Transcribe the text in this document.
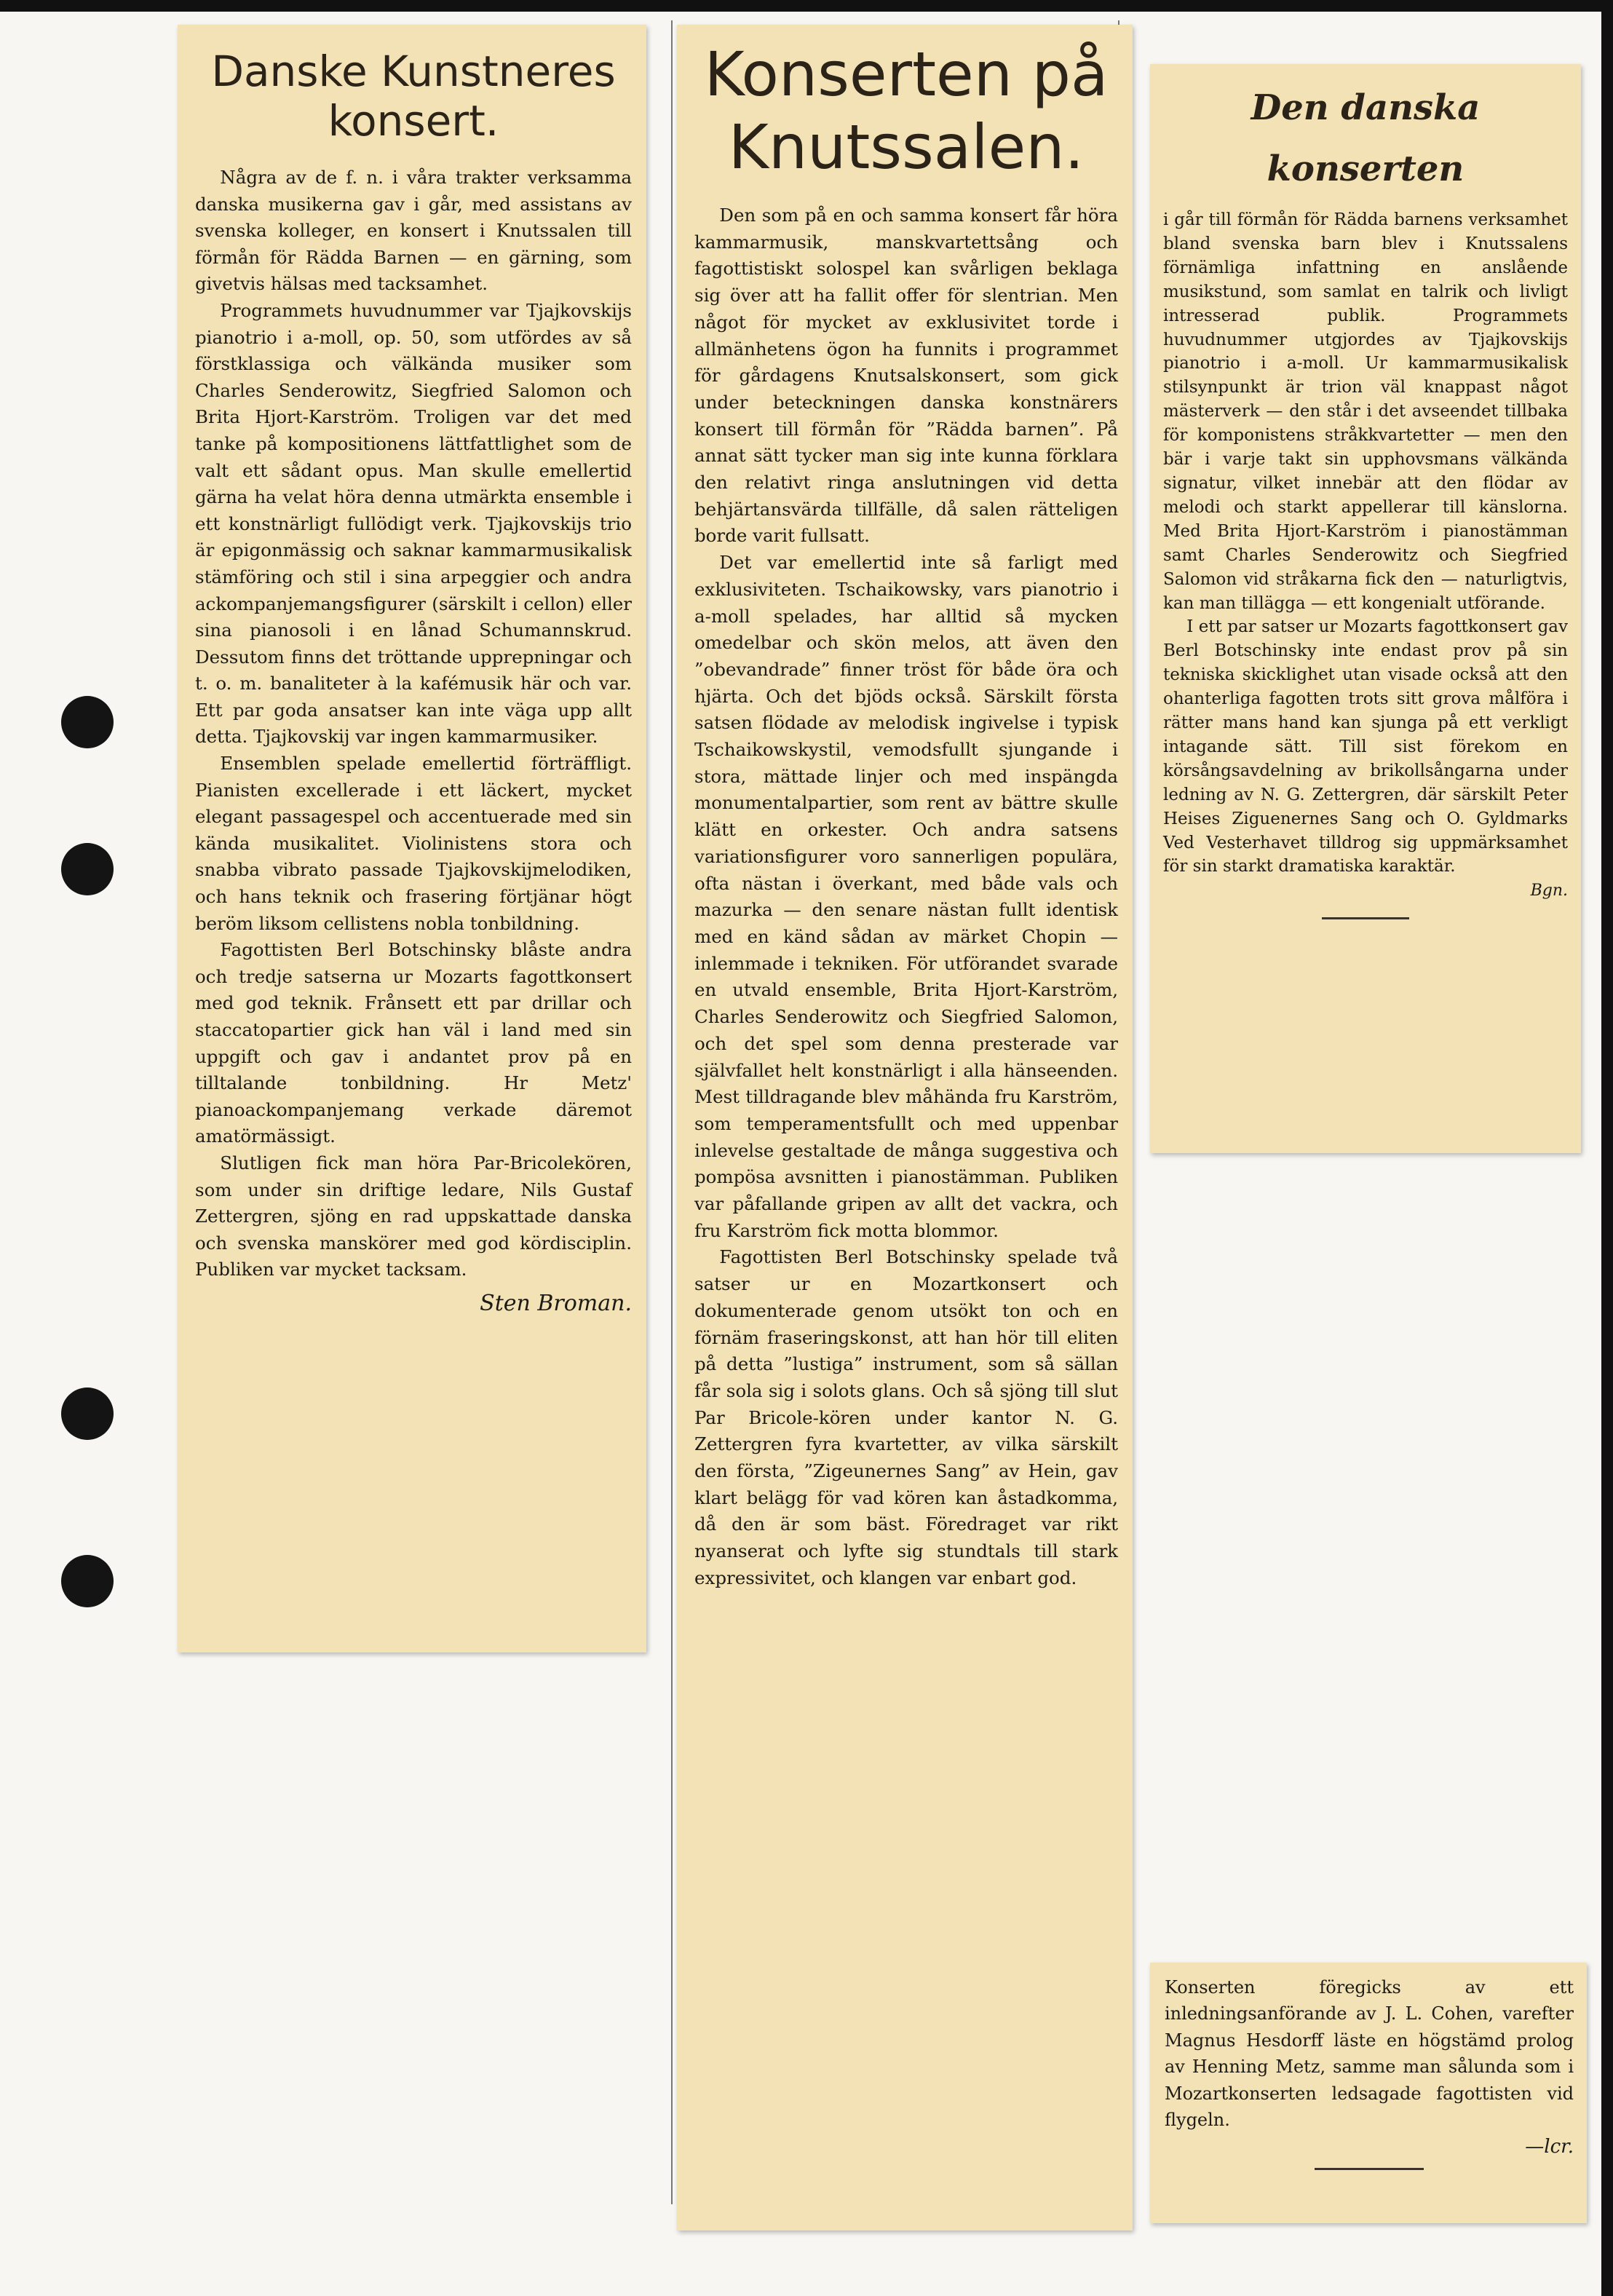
Danske Kunstneres konsert.

Några av de f. n. i våra trakter verksamma danska musikerna gav i går, med assistans av svenska kolleger, en konsert i Knutssalen till förmån för Rädda Barnen — en gärning, som givetvis hälsas med tacksamhet.

Programmets huvudnummer var Tjajkovskijs pianotrio i a-moll, op. 50, som utfördes av så förstklassiga och välkända musiker som Charles Senderowitz, Siegfried Salomon och Brita Hjort-Karström. Troligen var det med tanke på kompositionens lättfattlighet som de valt ett sådant opus. Man skulle emellertid gärna ha velat höra denna utmärkta ensemble i ett konstnärligt fullödigt verk. Tjajkovskijs trio är epigonmässig och saknar kammarmusikalisk stämföring och stil i sina arpeggier och andra ackompanjemangsfigurer (särskilt i cellon) eller sina pianosoli i en lånad Schumannskrud. Dessutom finns det tröttande upprepningar och t. o. m. banaliteter à la kafémusik här och var. Ett par goda ansatser kan inte väga upp allt detta. Tjajkovskij var ingen kammarmusiker.

Ensemblen spelade emellertid förträffligt. Pianisten excellerade i ett läckert, mycket elegant passagespel och accentuerade med sin kända musikalitet. Violinistens stora och snabba vibrato passade Tjajkovskijmelodiken, och hans teknik och frasering förtjänar högt beröm liksom cellistens nobla tonbildning.

Fagottisten Berl Botschinsky blåste andra och tredje satserna ur Mozarts fagottkonsert med god teknik. Frånsett ett par drillar och staccatopartier gick han väl i land med sin uppgift och gav i andantet prov på en tilltalande tonbildning. Hr Metz' pianoackompanjemang verkade däremot amatörmässigt.

Slutligen fick man höra Par-Bricolekören, som under sin driftige ledare, Nils Gustaf Zettergren, sjöng en rad uppskattade danska och svenska manskörer med god kördisciplin. Publiken var mycket tacksam.

Sten Broman.
Konserten på Knutssalen.

Den som på en och samma konsert får höra kammarmusik, manskvartettsång och fagottistiskt solospel kan svårligen beklaga sig över att ha fallit offer för slentrian. Men något för mycket av exklusivitet torde i allmänhetens ögon ha funnits i programmet för gårdagens Knutsalskonsert, som gick under beteckningen danska konstnärers konsert till förmån för ”Rädda barnen”. På annat sätt tycker man sig inte kunna förklara den relativt ringa anslutningen vid detta behjärtansvärda tillfälle, då salen rätteligen borde varit fullsatt.

Det var emellertid inte så farligt med exklusiviteten. Tschaikowsky, vars pianotrio i a-moll spelades, har alltid så mycken omedelbar och skön melos, att även den ”obevandrade” finner tröst för både öra och hjärta. Och det bjöds också. Särskilt första satsen flödade av melodisk ingivelse i typisk Tschaikowskystil, vemodsfullt sjungande i stora, mättade linjer och med inspängda monumentalpartier, som rent av bättre skulle klätt en orkester. Och andra satsens variationsfigurer voro sannerligen populära, ofta nästan i överkant, med både vals och mazurka — den senare nästan fullt identisk med en känd sådan av märket Chopin — inlemmade i tekniken. För utförandet svarade en utvald ensemble, Brita Hjort-Karström, Charles Senderowitz och Siegfried Salomon, och det spel som denna presterade var självfallet helt konstnärligt i alla hänseenden. Mest tilldragande blev måhända fru Karström, som temperamentsfullt och med uppenbar inlevelse gestaltade de många suggestiva och pompösa avsnitten i pianostämman. Publiken var påfallande gripen av allt det vackra, och fru Karström fick motta blommor.

Fagottisten Berl Botschinsky spelade två satser ur en Mozartkonsert och dokumenterade genom utsökt ton och en förnäm fraseringskonst, att han hör till eliten på detta ”lustiga” instrument, som så sällan får sola sig i solots glans. Och så sjöng till slut Par Bricole-kören under kantor N. G. Zettergren fyra kvartetter, av vilka särskilt den första, ”Zigeunernes Sang” av Hein, gav klart belägg för vad kören kan åstadkomma, då den är som bäst. Föredraget var rikt nyanserat och lyfte sig stundtals till stark expressivitet, och klangen var enbart god.

Den danska konserten

i går till förmån för Rädda barnens verksamhet bland svenska barn blev i Knutssalens förnämliga infattning en anslående musikstund, som samlat en talrik och livligt intresserad publik. Programmets huvudnummer utgjordes av Tjajkovskijs pianotrio i a-moll. Ur kammarmusikalisk stilsynpunkt är trion väl knappast något mästerverk — den står i det avseendet tillbaka för komponistens stråkkvartetter — men den bär i varje takt sin upphovsmans välkända signatur, vilket innebär att den flödar av melodi och starkt appellerar till känslorna. Med Brita Hjort-Karström i pianostämman samt Charles Senderowitz och Siegfried Salomon vid stråkarna fick den — naturligtvis, kan man tillägga — ett kongenialt utförande.

I ett par satser ur Mozarts fagottkonsert gav Berl Botschinsky inte endast prov på sin tekniska skicklighet utan visade också att den ohanterliga fagotten trots sitt grova målföra i rätter mans hand kan sjunga på ett verkligt intagande sätt. Till sist förekom en körsångsavdelning av brikollsångarna under ledning av N. G. Zettergren, där särskilt Peter Heises Ziguenernes Sang och O. Gyldmarks Ved Vesterhavet tilldrog sig uppmärksamhet för sin starkt dramatiska karaktär.

Bgn.

Konserten föregicks av ett inledningsanförande av J. L. Cohen, varefter Magnus Hesdorff läste en högstämd prolog av Henning Metz, samme man sålunda som i Mozartkonserten ledsagade fagottisten vid flygeln.

—lcr.
